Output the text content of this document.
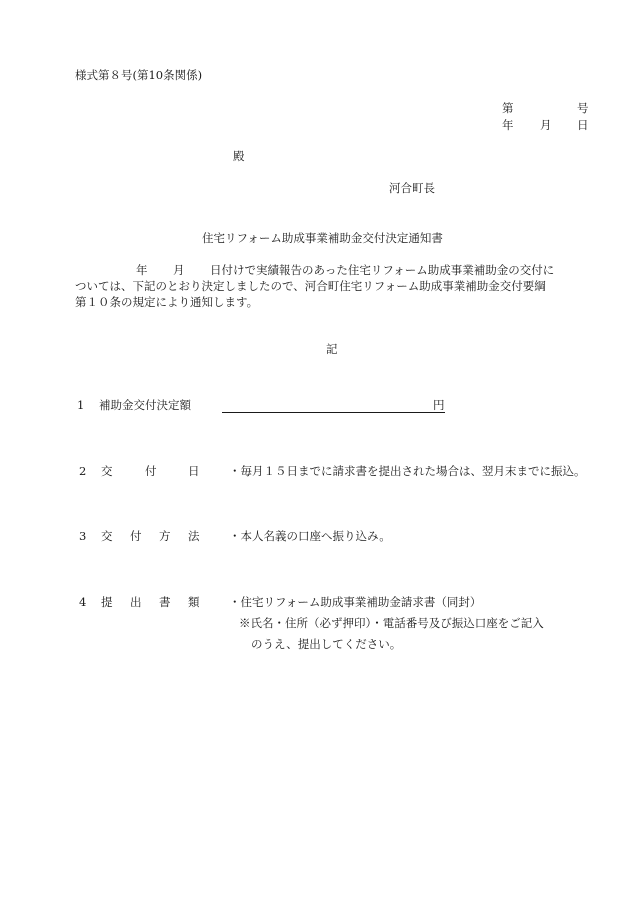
様式第８号(第10条関係)
第	号
年 月 日
殿
河合町長
住宅リフォーム助成事業補助金交付決定通知書
年 月 日付けで実績報告のあった住宅リフォーム助成事業補助金の交付に
ついては、下記のとおり決定しましたので、河合町住宅リフォーム助成事業補助金交付要綱
第１０条の規定により通知します。
記
1 補助金交付決定額	円
2 交	付	日	・毎月１５日までに請求書を提出された場合は、翌月末までに振込。
3 交 付 方 法	・本人名義の口座へ振り込み。
4 提 出 書 類	・住宅リフォーム助成事業補助金請求書（同封）
※氏名・住所（必ず押印）・電話番号及び振込口座をご記入
のうえ、提出してください。
